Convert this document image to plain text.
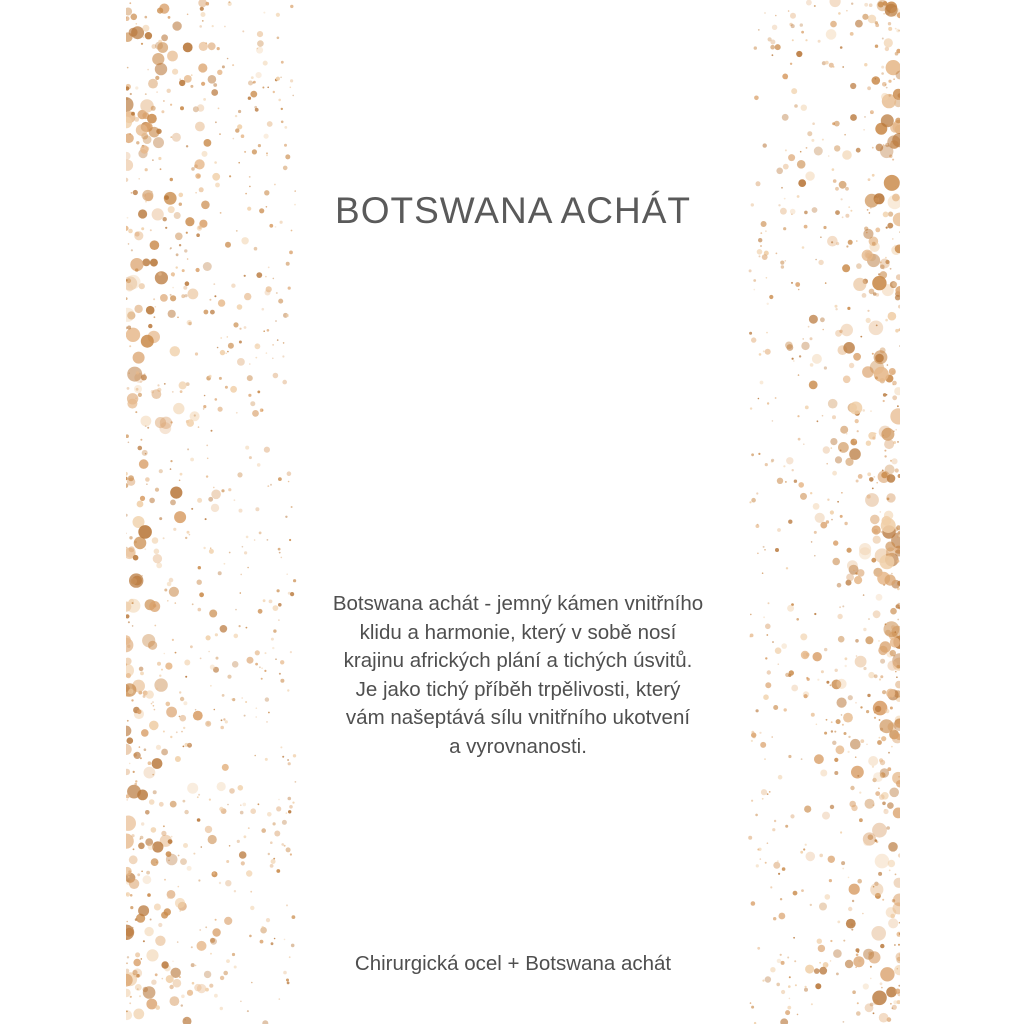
BOTSWANA ACHÁT
Botswana achát - jemný kámen vnitřního
klidu a harmonie, který v sobě nosí
krajinu afrických plání a tichých úsvitů.
Je jako tichý příběh trpělivosti, který
vám našeptává sílu vnitřního ukotvení
a vyrovnanosti.
Chirurgická ocel + Botswana achát
